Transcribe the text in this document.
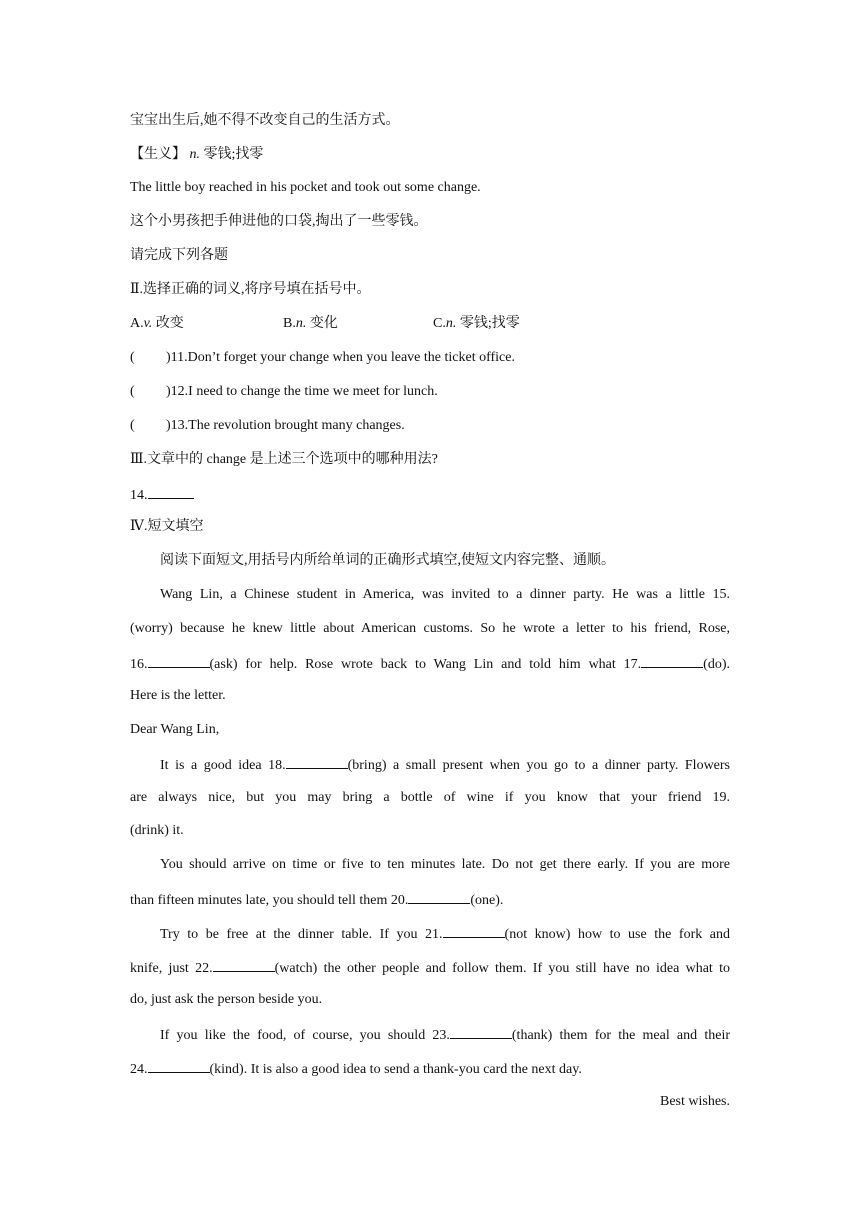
宝宝出生后,她不得不改变自己的生活方式。
【生义】 n. 零钱;找零
The little boy reached in his pocket and took out some change.
这个小男孩把手伸进他的口袋,掏出了一些零钱。
请完成下列各题
Ⅱ.选择正确的词义,将序号填在括号中。
A.v. 改变	B.n. 变化	C.n. 零钱;找零
( )11.Don’t forget your change when you leave the ticket office.
( )12.I need to change the time we meet for lunch.
( )13.The revolution brought many changes.
Ⅲ.文章中的 change 是上述三个选项中的哪种用法?
14.
Ⅳ.短文填空
阅读下面短文,用括号内所给单词的正确形式填空,使短文内容完整、通顺。
Wang Lin, a Chinese student in America, was invited to a dinner party. He was a little 15.
(worry) because he knew little about American customs. So he wrote a letter to his friend, Rose,
16.	(ask) for help. Rose wrote back to Wang Lin and told him what 17.	(do).
Here is the letter.
Dear Wang Lin,
It is a good idea 18.	(bring) a small present when you go to a dinner party. Flowers
are always nice, but you may bring a bottle of wine if you know that your friend 19.
(drink) it.
You should arrive on time or five to ten minutes late. Do not get there early. If you are more
than fifteen minutes late, you should tell them 20.	(one).
Try to be free at the dinner table. If you 21.	(not know) how to use the fork and
knife, just 22.	(watch) the other people and follow them. If you still have no idea what to
do, just ask the person beside you.
If you like the food, of course, you should 23.	(thank) them for the meal and their
24.	(kind). It is also a good idea to send a thank-you card the next day.
Best wishes.
